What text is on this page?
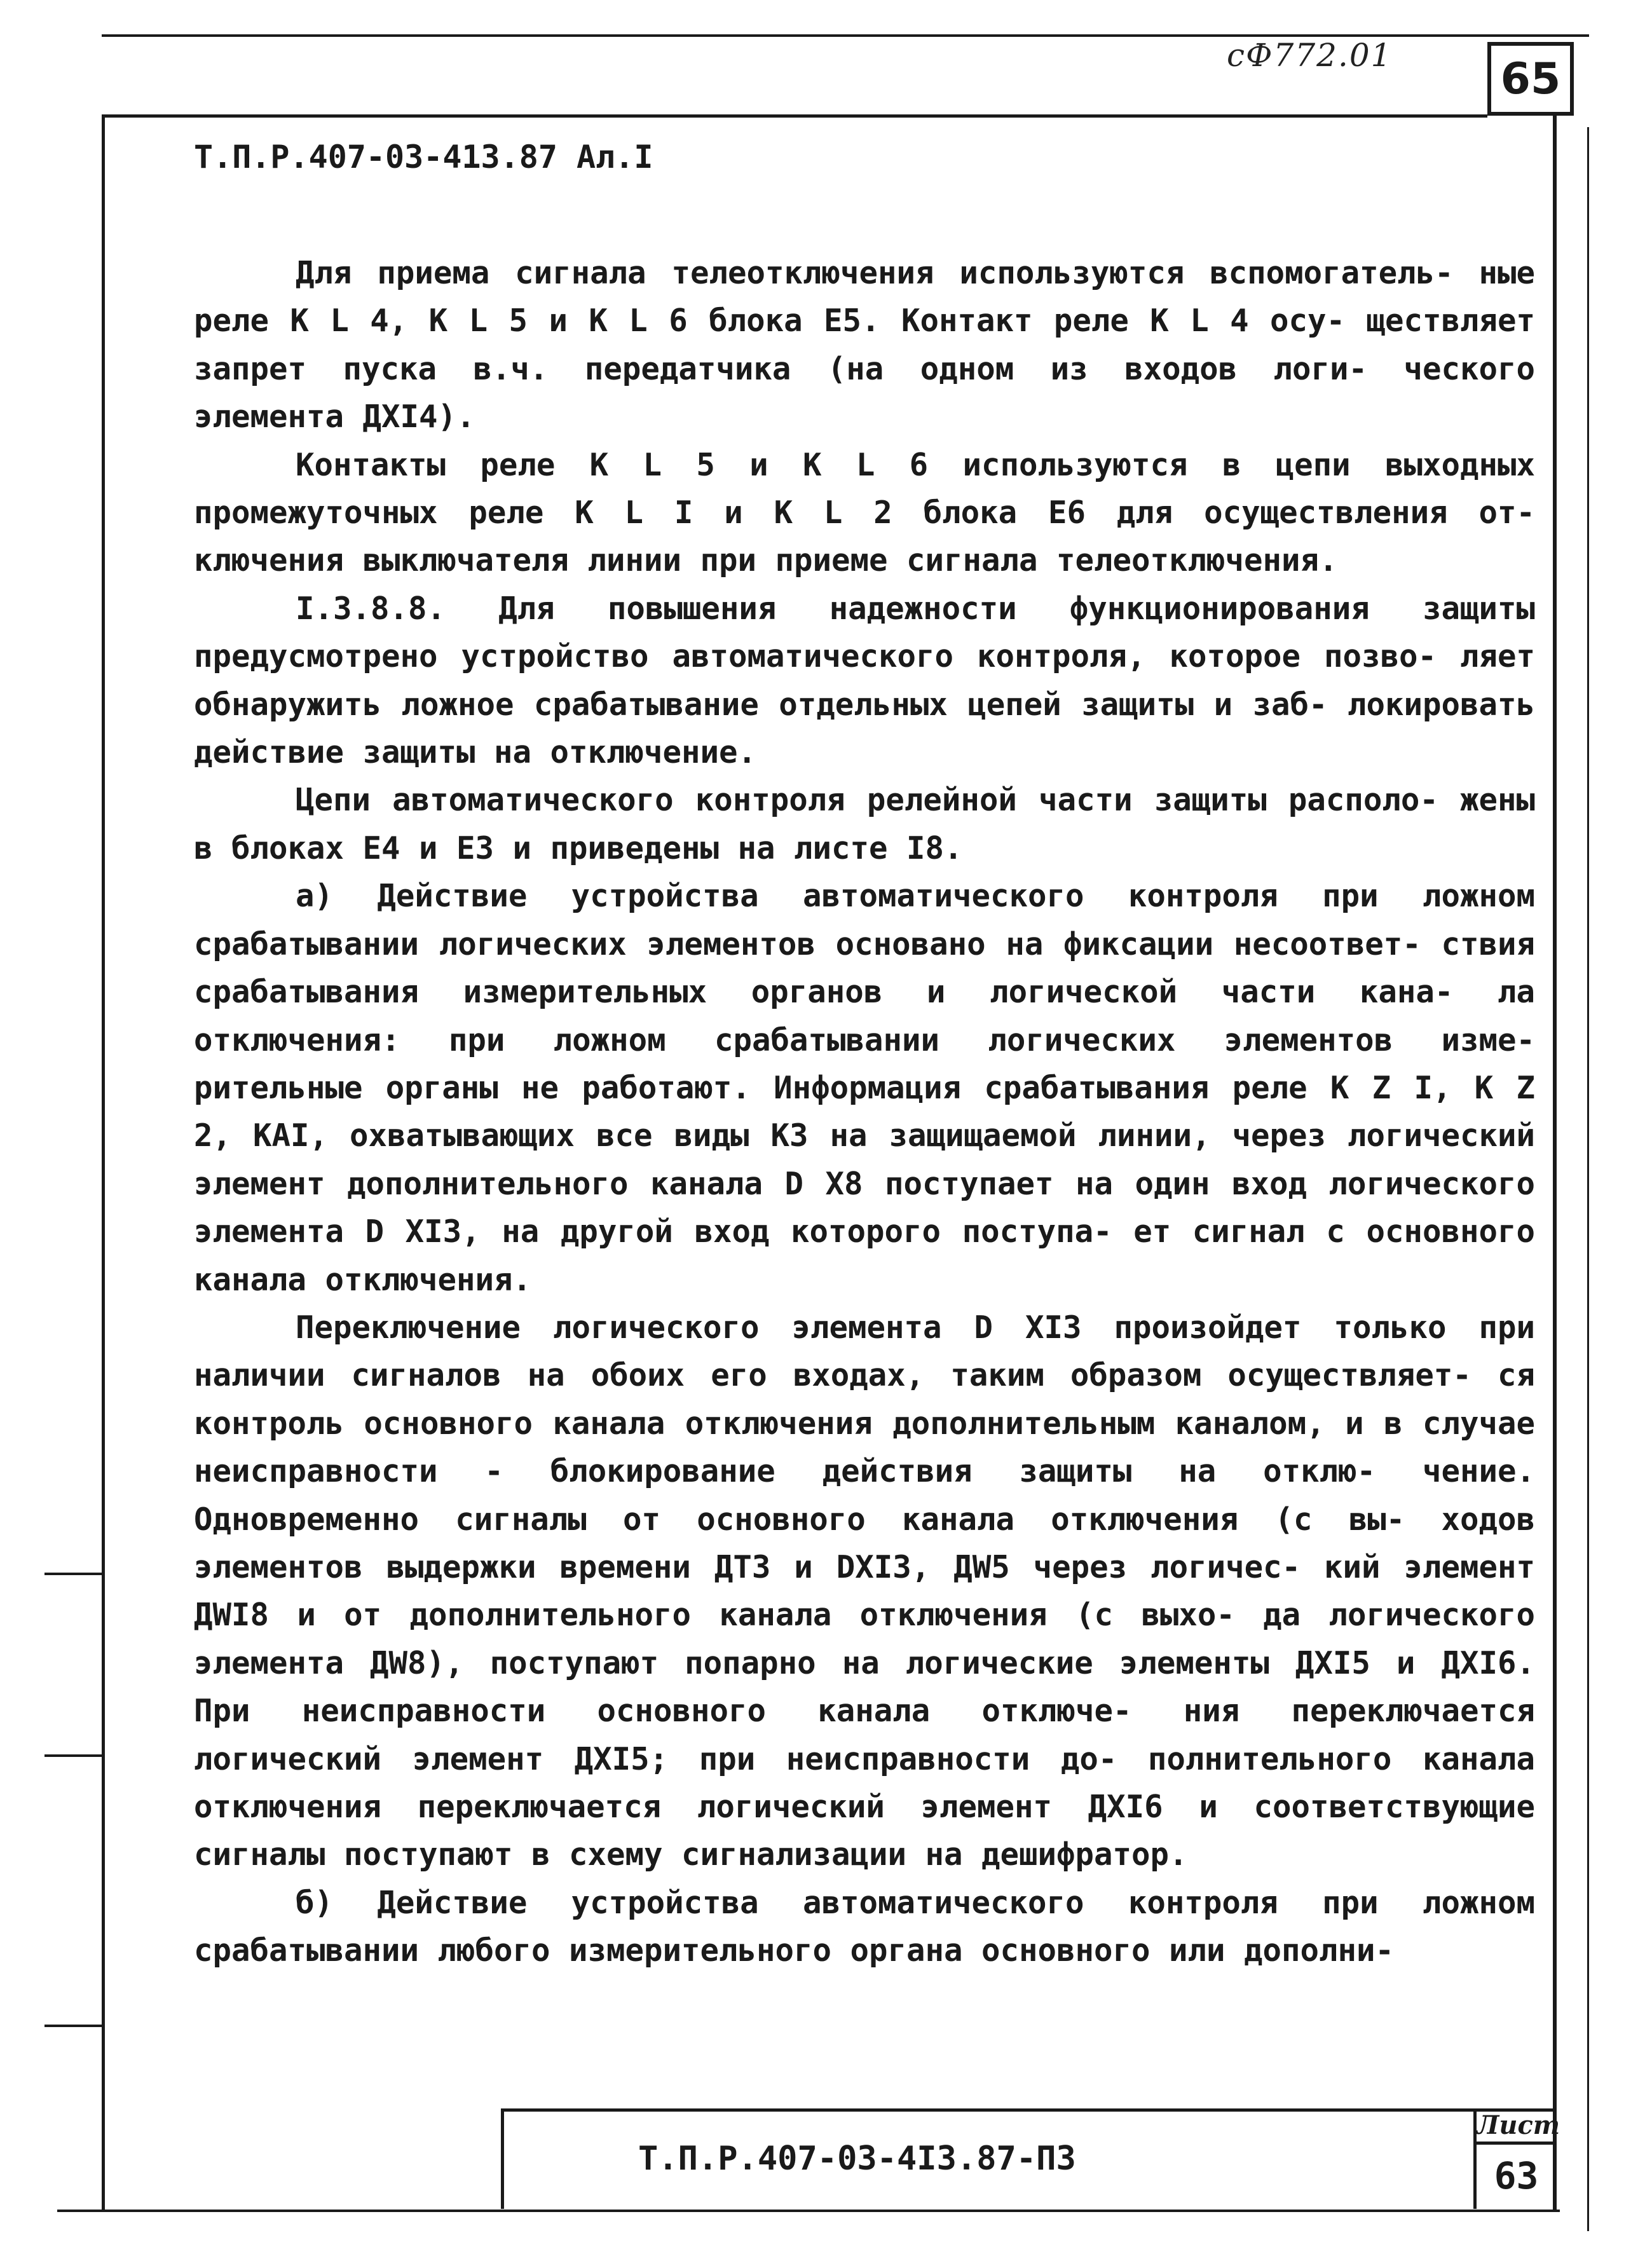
сФ772.01	65
Т.П.Р.407-03-413.87 Ал.I

Для приема сигнала телеотключения используются вспомогатель- ные реле К L 4, К L 5 и К L 6 блока Е5. Контакт реле К L 4 осу- ществляет запрет пуска в.ч. передатчика (на одном из входов логи- ческого элемента ДХI4).

Контакты реле К L 5 и К L 6 используются в цепи выходных промежуточных реле К L I и К L 2 блока Е6 для осуществления от- ключения выключателя линии при приеме сигнала телеотключения.

I.3.8.8. Для повышения надежности функционирования защиты предусмотрено устройство автоматического контроля, которое позво- ляет обнаружить ложное срабатывание отдельных цепей защиты и заб- локировать действие защиты на отключение.

Цепи автоматического контроля релейной части защиты располо- жены в блоках Е4 и Е3 и приведены на листе I8.

а) Действие устройства автоматического контроля при ложном срабатывании логических элементов основано на фиксации несоответ- ствия срабатывания измерительных органов и логической части кана- ла отключения: при ложном срабатывании логических элементов изме- рительные органы не работают. Информация срабатывания реле К Z I, К Z 2, КАI, охватывающих все виды КЗ на защищаемой линии, через логический элемент дополнительного канала D Х8 поступает на один вход логического элемента D ХI3, на другой вход которого поступа- ет сигнал с основного канала отключения.

Переключение логического элемента D ХI3 произойдет только при наличии сигналов на обоих его входах, таким образом осуществляет- ся контроль основного канала отключения дополнительным каналом, и в случае неисправности - блокирование действия защиты на отклю- чение. Одновременно сигналы от основного канала отключения (с вы- ходов элементов выдержки времени ДТ3 и DХI3, ДW5 через логичес- кий элемент ДWI8 и от дополнительного канала отключения (с выхо- да логического элемента ДW8), поступают попарно на логические элементы ДХI5 и ДХI6. При неисправности основного канала отключе- ния переключается логический элемент ДХI5; при неисправности до- полнительного канала отключения переключается логический элемент ДХI6 и соответствующие сигналы поступают в схему сигнализации на дешифратор.

б) Действие устройства автоматического контроля при ложном срабатывании любого измерительного органа основного или дополни-

Т.П.Р.407-03-4I3.87-П3
Лист
63
